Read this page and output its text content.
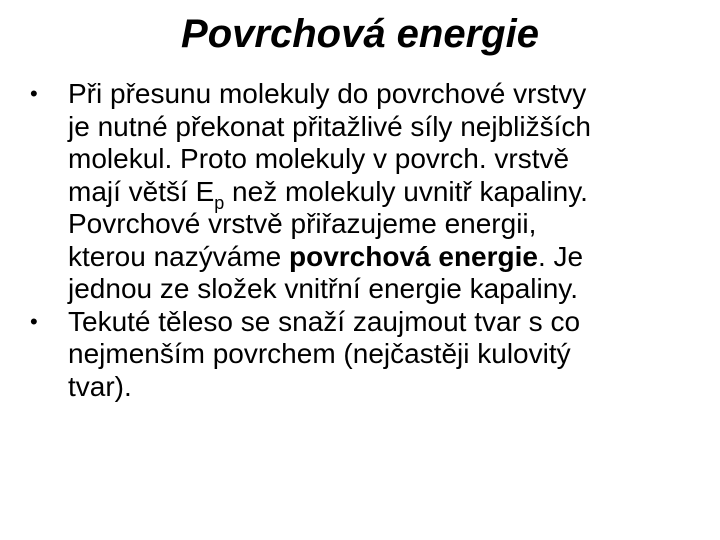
Povrchová energie
•	Při přesunu molekuly do povrchové vrstvy
je nutné překonat přitažlivé síly nejbližších
molekul. Proto molekuly v povrch. vrstvě
mají větší $E_p$ než molekuly uvnitř kapaliny.
Povrchové vrstvě přiřazujeme energii,
kterou nazýváme povrchová energie. Je
jednou ze složek vnitřní energie kapaliny.
•	Tekuté těleso se snaží zaujmout tvar s co
nejmenším povrchem (nejčastěji kulovitý
tvar).
